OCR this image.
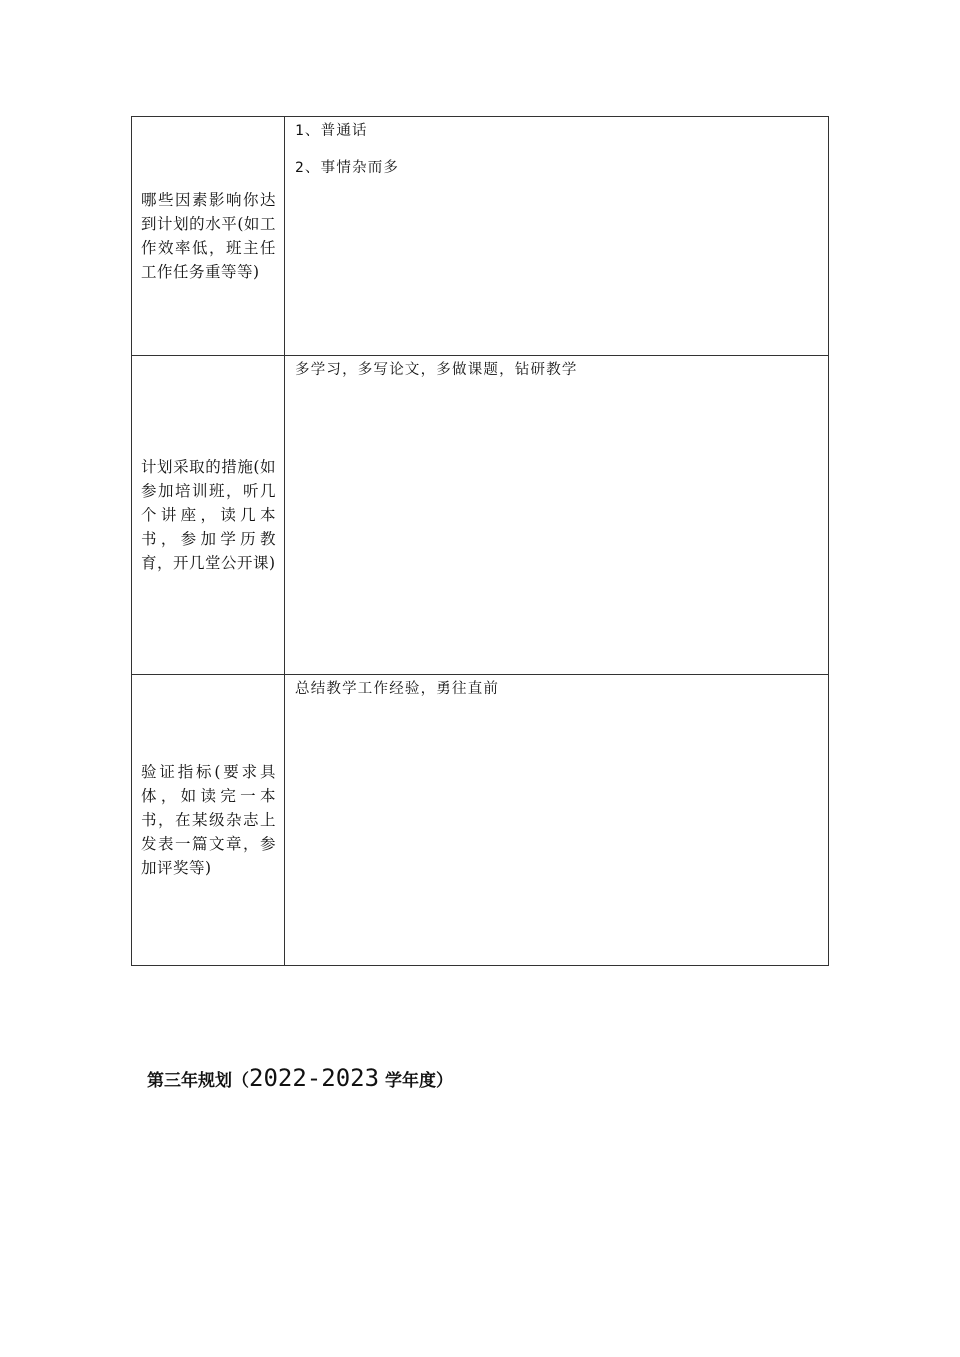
哪些因素影响你达到计划的水平(如工作效率低，班主任工作任务重等等)	1、普通话
2、事情杂而多

计划采取的措施(如参加培训班，听几个讲座，读几本书，参加学历教育，开几堂公开课)	多学习，多写论文，多做课题，钻研教学

验证指标(要求具体，如读完一本书，在某级杂志上发表一篇文章，参加评奖等)	总结教学工作经验，勇往直前
第三年规划（2022-2023 学年度）
